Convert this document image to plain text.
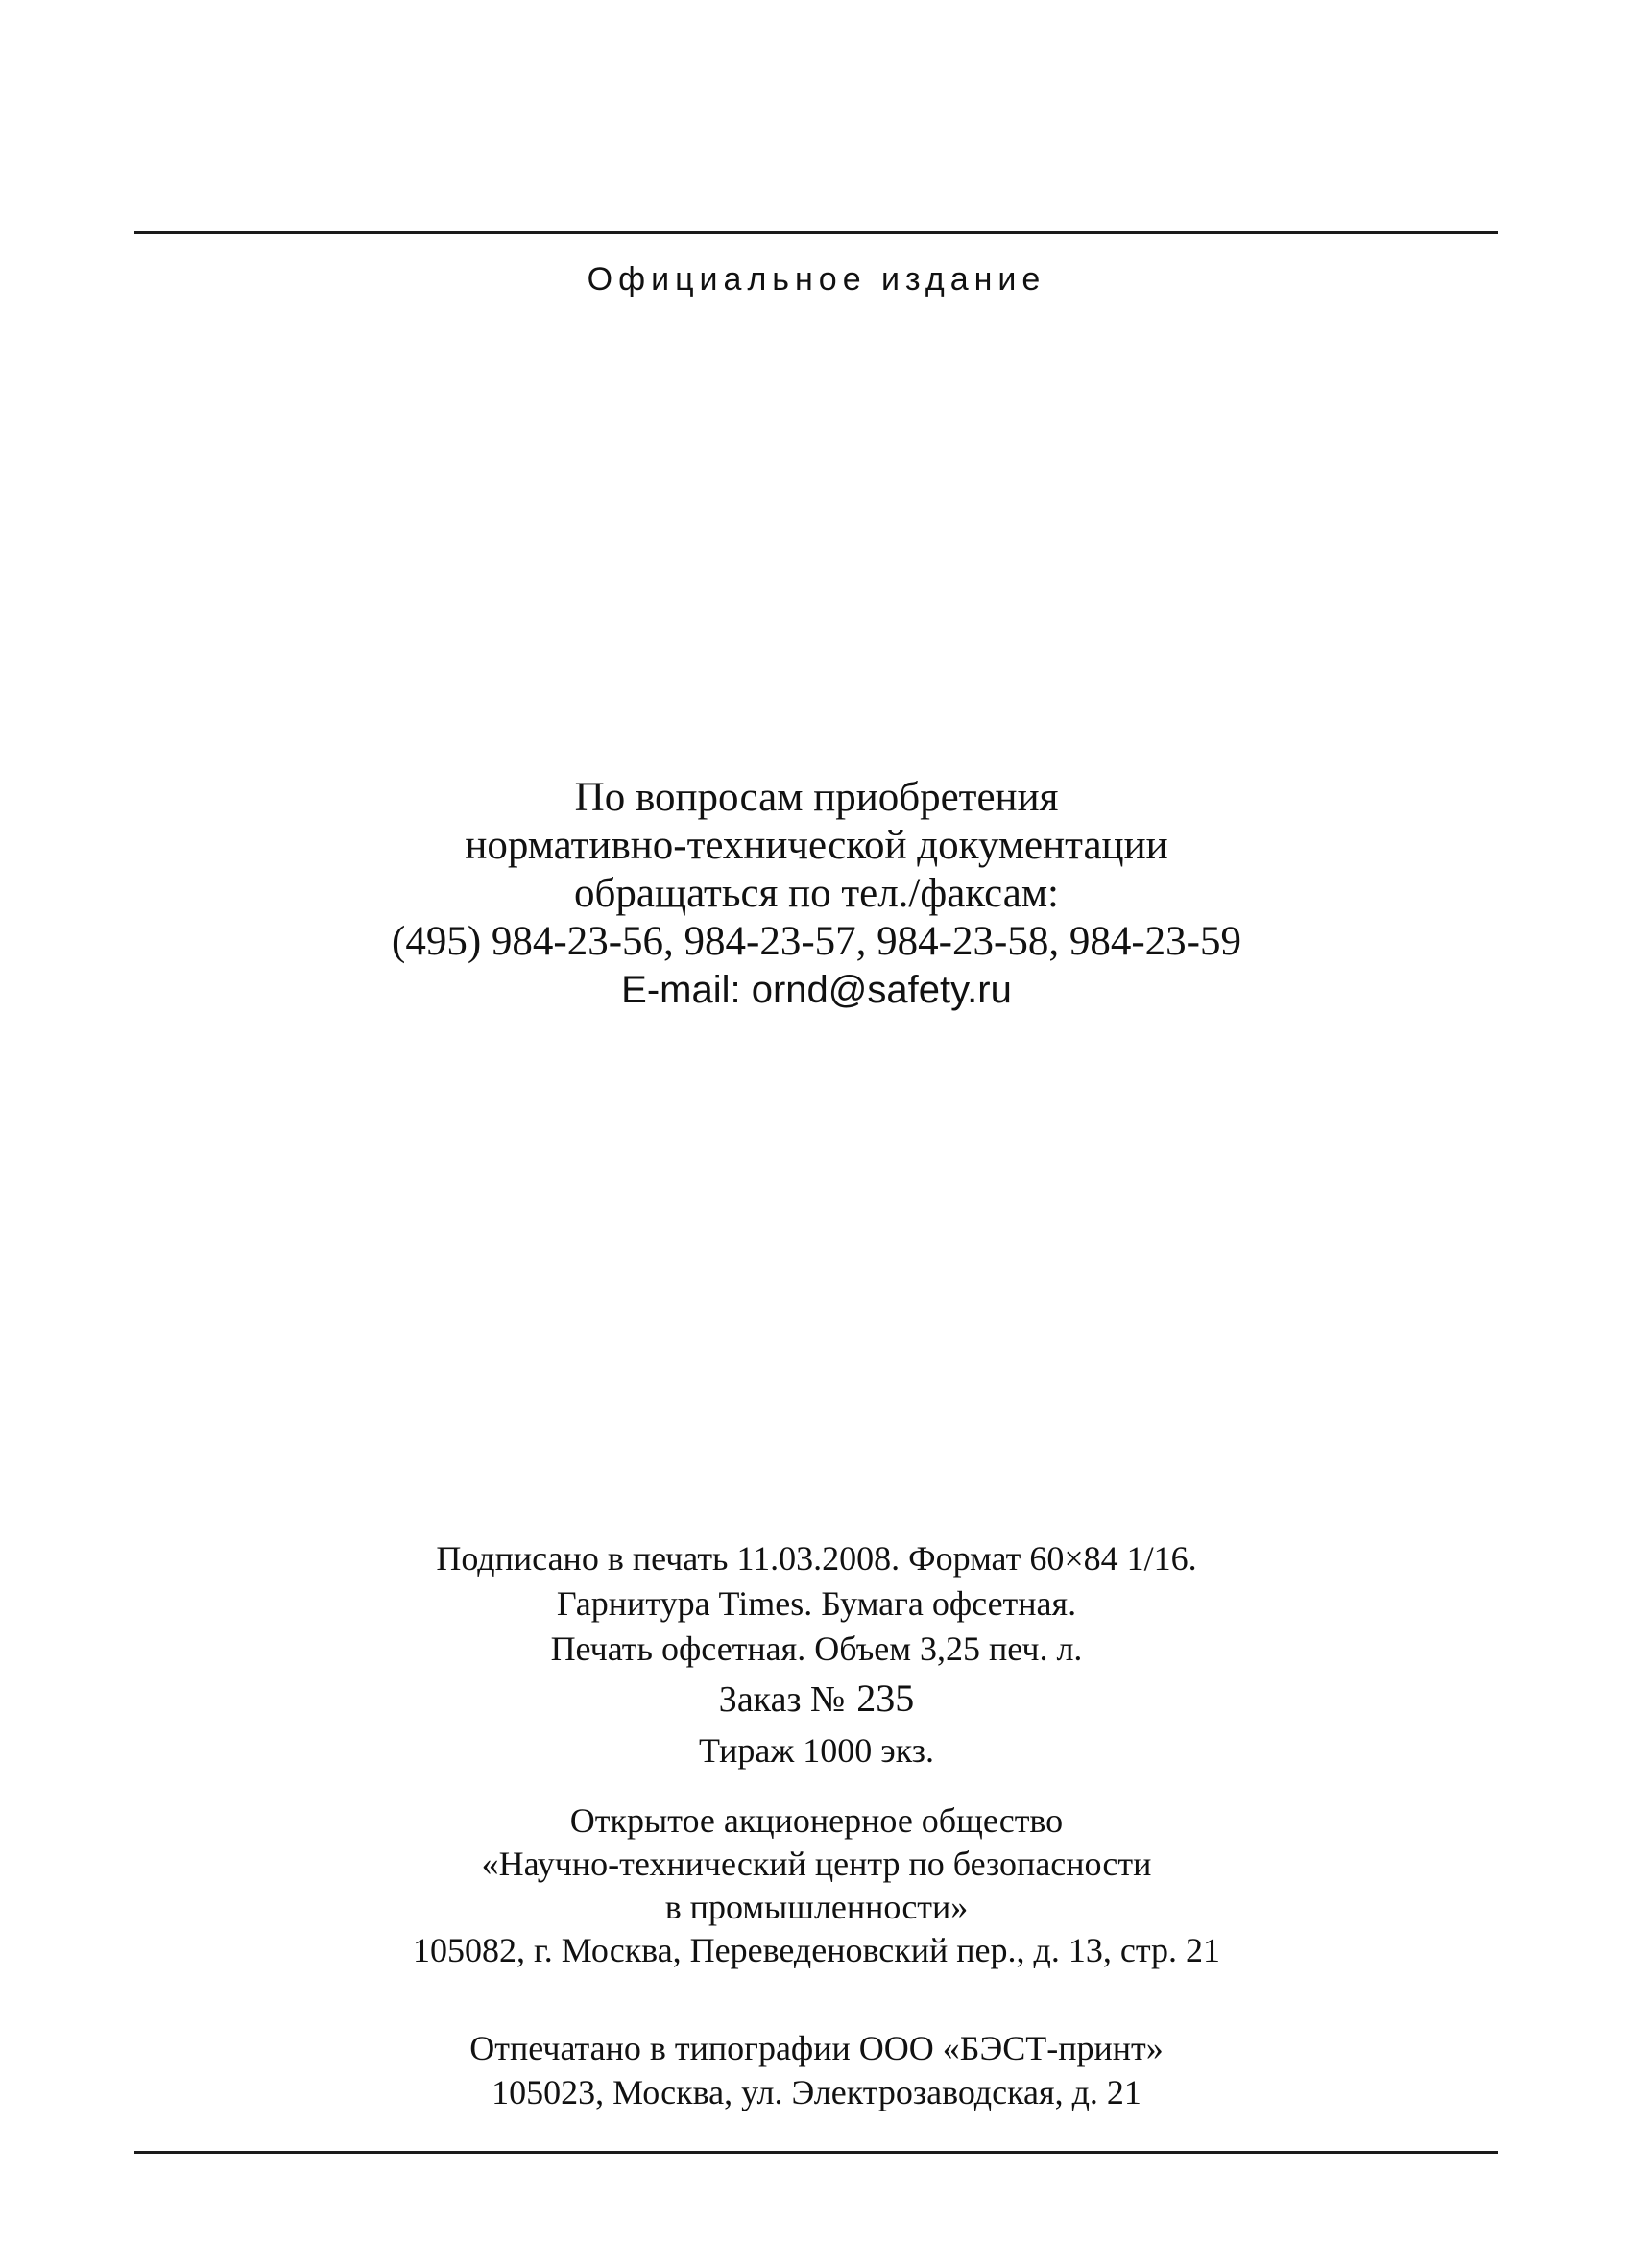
Официальное издание
По вопросам приобретения
нормативно-технической документации
обращаться по тел./факсам:
(495) 984-23-56, 984-23-57, 984-23-58, 984-23-59
E-mail: ornd@safety.ru
Подписано в печать 11.03.2008. Формат 60×84 1/16.
Гарнитура Times. Бумага офсетная.
Печать офсетная. Объем 3,25 печ. л.
Заказ № 235
Тираж 1000 экз.
Открытое акционерное общество
«Научно-технический центр по безопасности
в промышленности»
105082, г. Москва, Переведеновский пер., д. 13, стр. 21
Отпечатано в типографии ООО «БЭСТ-принт»
105023, Москва, ул. Электрозаводская, д. 21
